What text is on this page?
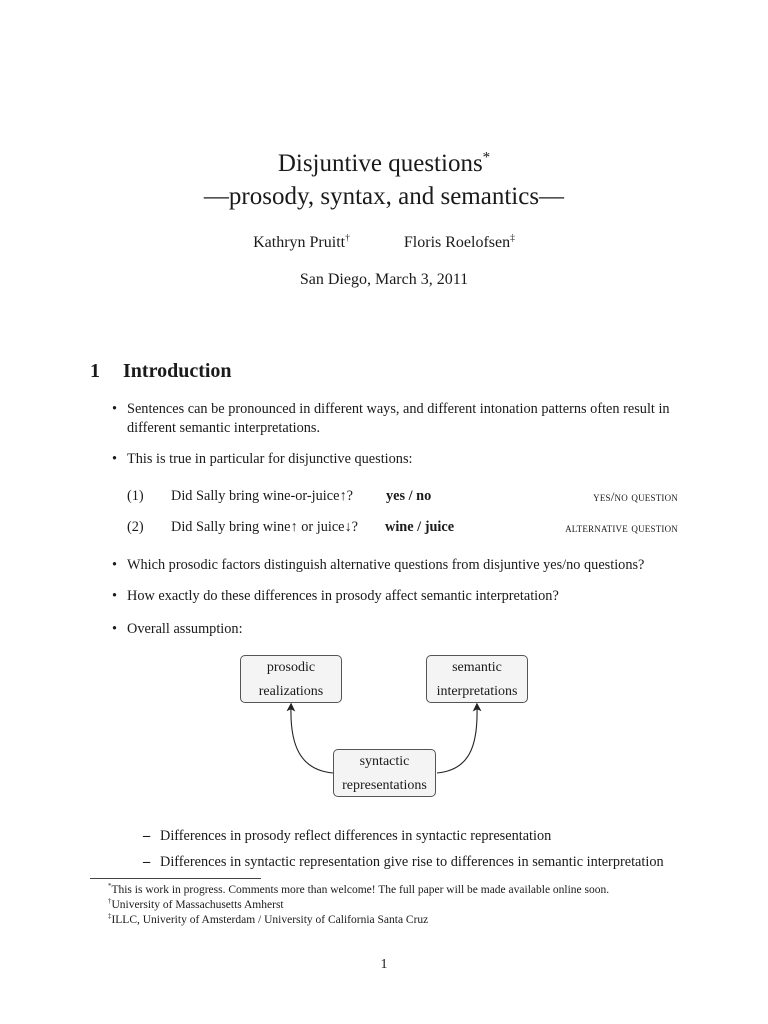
Disjuntive questions*
—prosody, syntax, and semantics—
Kathryn Pruitt†	Floris Roelofsen‡
San Diego, March 3, 2011
1 Introduction
• Sentences can be pronounced in different ways, and different intonation patterns often result in different semantic interpretations.
• This is true in particular for disjunctive questions:
(1) Did Sally bring wine-or-juice↑? yes / no	yes/no question
(2) Did Sally bring wine↑ or juice↓? wine / juice	alternative question
• Which prosodic factors distinguish alternative questions from disjuntive yes/no questions?
• How exactly do these differences in prosody affect semantic interpretation?
• Overall assumption:
prosodic
realizations
semantic
interpretations
syntactic
representations
– Differences in prosody reflect differences in syntactic representation
– Differences in syntactic representation give rise to differences in semantic interpretation
*This is work in progress. Comments more than welcome! The full paper will be made available online soon.
†University of Massachusetts Amherst
‡ILLC, Univerity of Amsterdam / University of California Santa Cruz
1
